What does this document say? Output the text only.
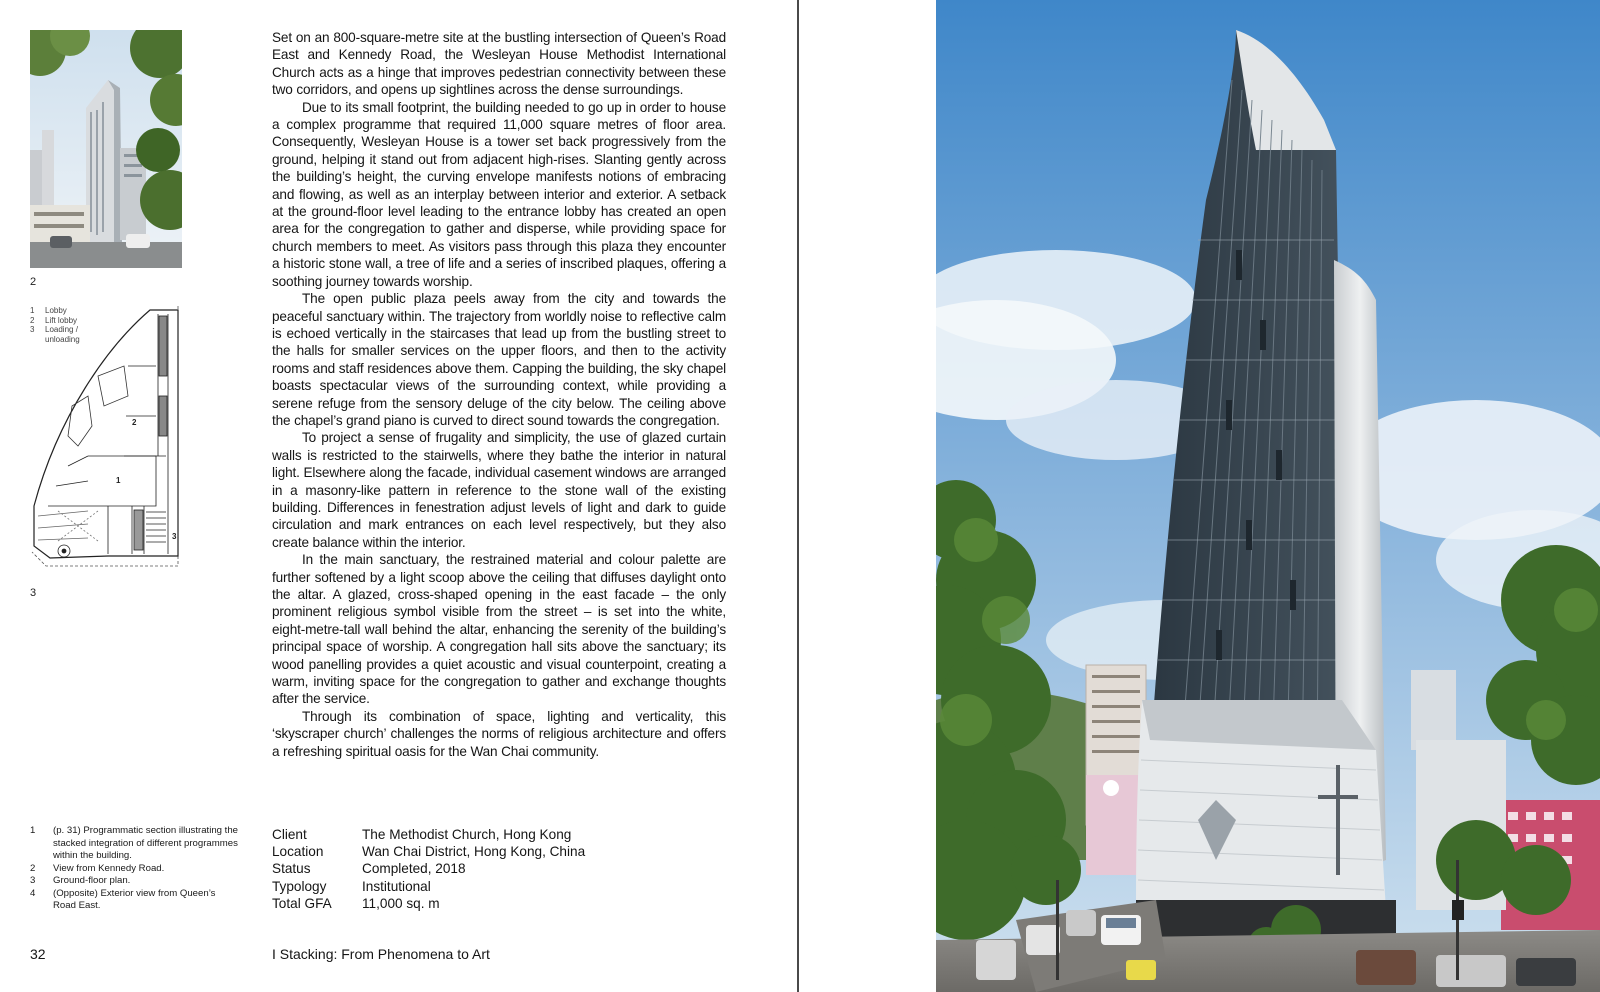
2
1	Lobby
2	Lift lobby
3	Loading / unloading
2
1
3
3

Set on an 800-square-metre site at the bustling intersection of Queen’s Road East and Kennedy Road, the Wesleyan House Methodist International Church acts as a hinge that improves pedestrian connectivity between these two corridors, and opens up sightlines across the dense surroundings.

Due to its small footprint, the building needed to go up in order to house a complex programme that required 11,000 square metres of floor area. Consequently, Wesleyan House is a tower set back progressively from the ground, helping it stand out from adjacent high-rises. Slanting gently across the building’s height, the curving envelope manifests notions of embracing and flowing, as well as an interplay between interior and exterior. A setback at the ground-floor level leading to the entrance lobby has created an open area for the congregation to gather and disperse, while providing space for church members to meet. As visitors pass through this plaza they encounter a historic stone wall, a tree of life and a series of inscribed plaques, offering a soothing journey towards worship.

The open public plaza peels away from the city and towards the peaceful sanctuary within. The trajectory from worldly noise to reflective calm is echoed vertically in the staircases that lead up from the bustling street to the halls for smaller services on the upper floors, and then to the activity rooms and staff residences above them. Capping the building, the sky chapel boasts spectacular views of the surrounding context, while providing a serene refuge from the sensory deluge of the city below. The ceiling above the chapel’s grand piano is curved to direct sound towards the congregation.

To project a sense of frugality and simplicity, the use of glazed curtain walls is restricted to the stairwells, where they bathe the interior in natural light. Elsewhere along the facade, individual casement windows are arranged in a masonry-like pattern in reference to the stone wall of the existing building. Differences in fenestration adjust levels of light and dark to guide circulation and mark entrances on each level respectively, but they also create balance within the interior.

In the main sanctuary, the restrained material and colour palette are further softened by a light scoop above the ceiling that diffuses daylight onto the altar. A glazed, cross-shaped opening in the east facade – the only prominent religious symbol visible from the street – is set into the white, eight-metre-tall wall behind the altar, enhancing the serenity of the building’s principal space of worship. A congregation hall sits above the sanctuary; its wood panelling provides a quiet acoustic and visual counterpoint, creating a warm, inviting space for the congregation to gather and exchange thoughts after the service.

Through its combination of space, lighting and verticality, this ‘skyscraper church’ challenges the norms of religious architecture and offers a refreshing spiritual oasis for the Wan Chai community.

1	(p. 31) Programmatic section illustrating the stacked integration of different programmes within the building.
2	View from Kennedy Road.
3	Ground-floor plan.
4	(Opposite) Exterior view from Queen’s Road East.
Client	The Methodist Church, Hong Kong
Location	Wan Chai District, Hong Kong, China
Status	Completed, 2018
Typology	Institutional
Total GFA	11,000 sq. m
32	I Stacking: From Phenomena to Art
